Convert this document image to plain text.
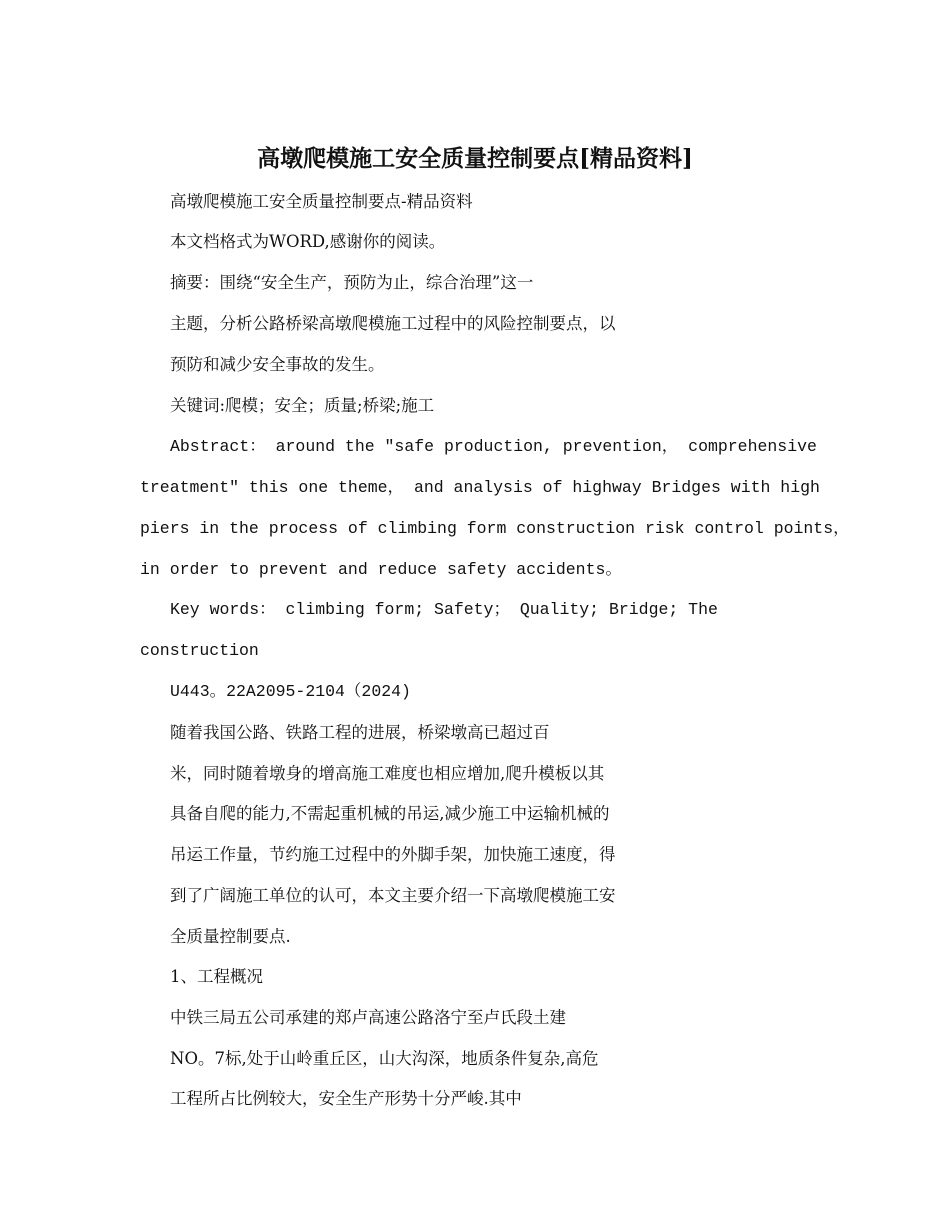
高墩爬模施工安全质量控制要点[精品资料]
高墩爬模施工安全质量控制要点-精品资料
本文档格式为WORD,感谢你的阅读。
摘要：围绕“安全生产，预防为止，综合治理”这一
主题，分析公路桥梁高墩爬模施工过程中的风险控制要点，以
预防和减少安全事故的发生。
关键词:爬模；安全；质量;桥梁;施工
Abstract： around the "safe production, prevention， comprehensive
treatment" this one theme， and analysis of highway Bridges with high
piers in the process of climbing form construction risk control points，
in order to prevent and reduce safety accidents。
Key words： climbing form; Safety； Quality; Bridge; The
construction
U443。22A2095-2104（2024)
随着我国公路、铁路工程的进展，桥梁墩高已超过百
米，同时随着墩身的增高施工难度也相应增加,爬升模板以其
具备自爬的能力,不需起重机械的吊运,减少施工中运输机械的
吊运工作量，节约施工过程中的外脚手架，加快施工速度，得
到了广阔施工单位的认可，本文主要介绍一下高墩爬模施工安
全质量控制要点.
1、工程概况
中铁三局五公司承建的郑卢高速公路洛宁至卢氏段土建
NO。7标,处于山岭重丘区，山大沟深，地质条件复杂,高危
工程所占比例较大，安全生产形势十分严峻.其中
